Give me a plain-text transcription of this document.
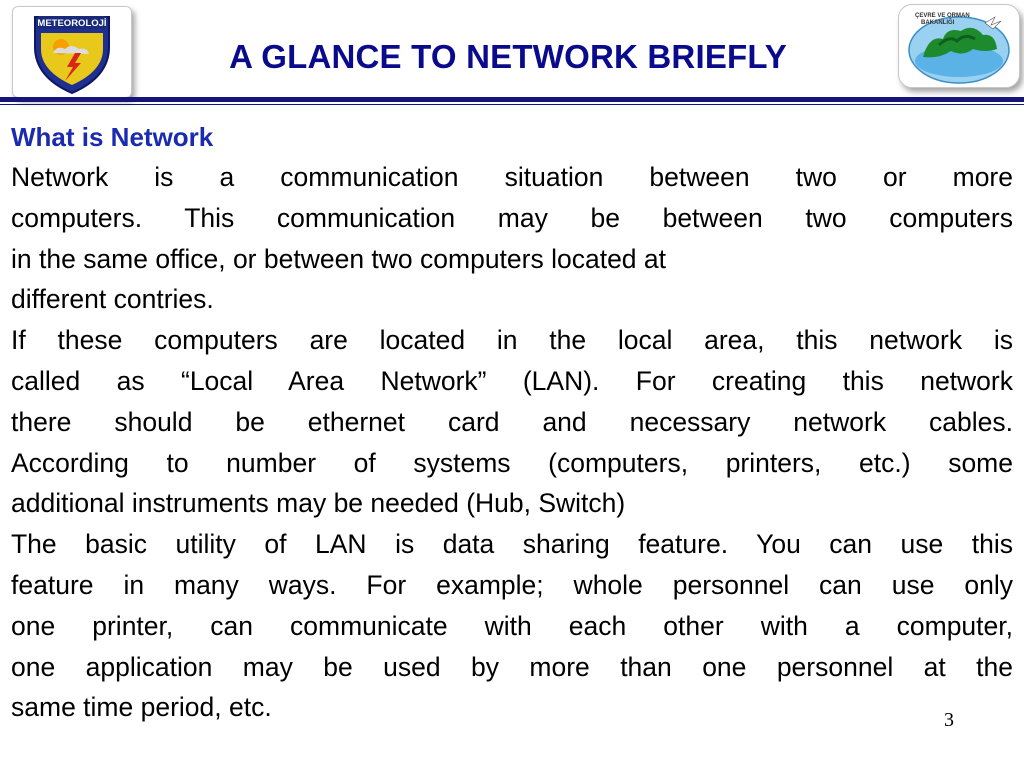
METEOROLOJİ
A GLANCE TO NETWORK BRIEFLY
ÇEVRE VE ORMAN
BAKANLIĞI

What is Network

Network is a communication situation between two or more

computers. This communication may be between two computers

in the same office, or between two computers located at

different contries.

If these computers are located in the local area, this network is

called as “Local Area Network” (LAN). For creating this network

there should be ethernet card and necessary network cables.

According to number of systems (computers, printers, etc.) some

additional instruments may be needed (Hub, Switch)

The basic utility of LAN is data sharing feature. You can use this

feature in many ways. For example; whole personnel can use only

one printer, can communicate with each other with a computer,

one application may be used by more than one personnel at the

same time period, etc.	3
